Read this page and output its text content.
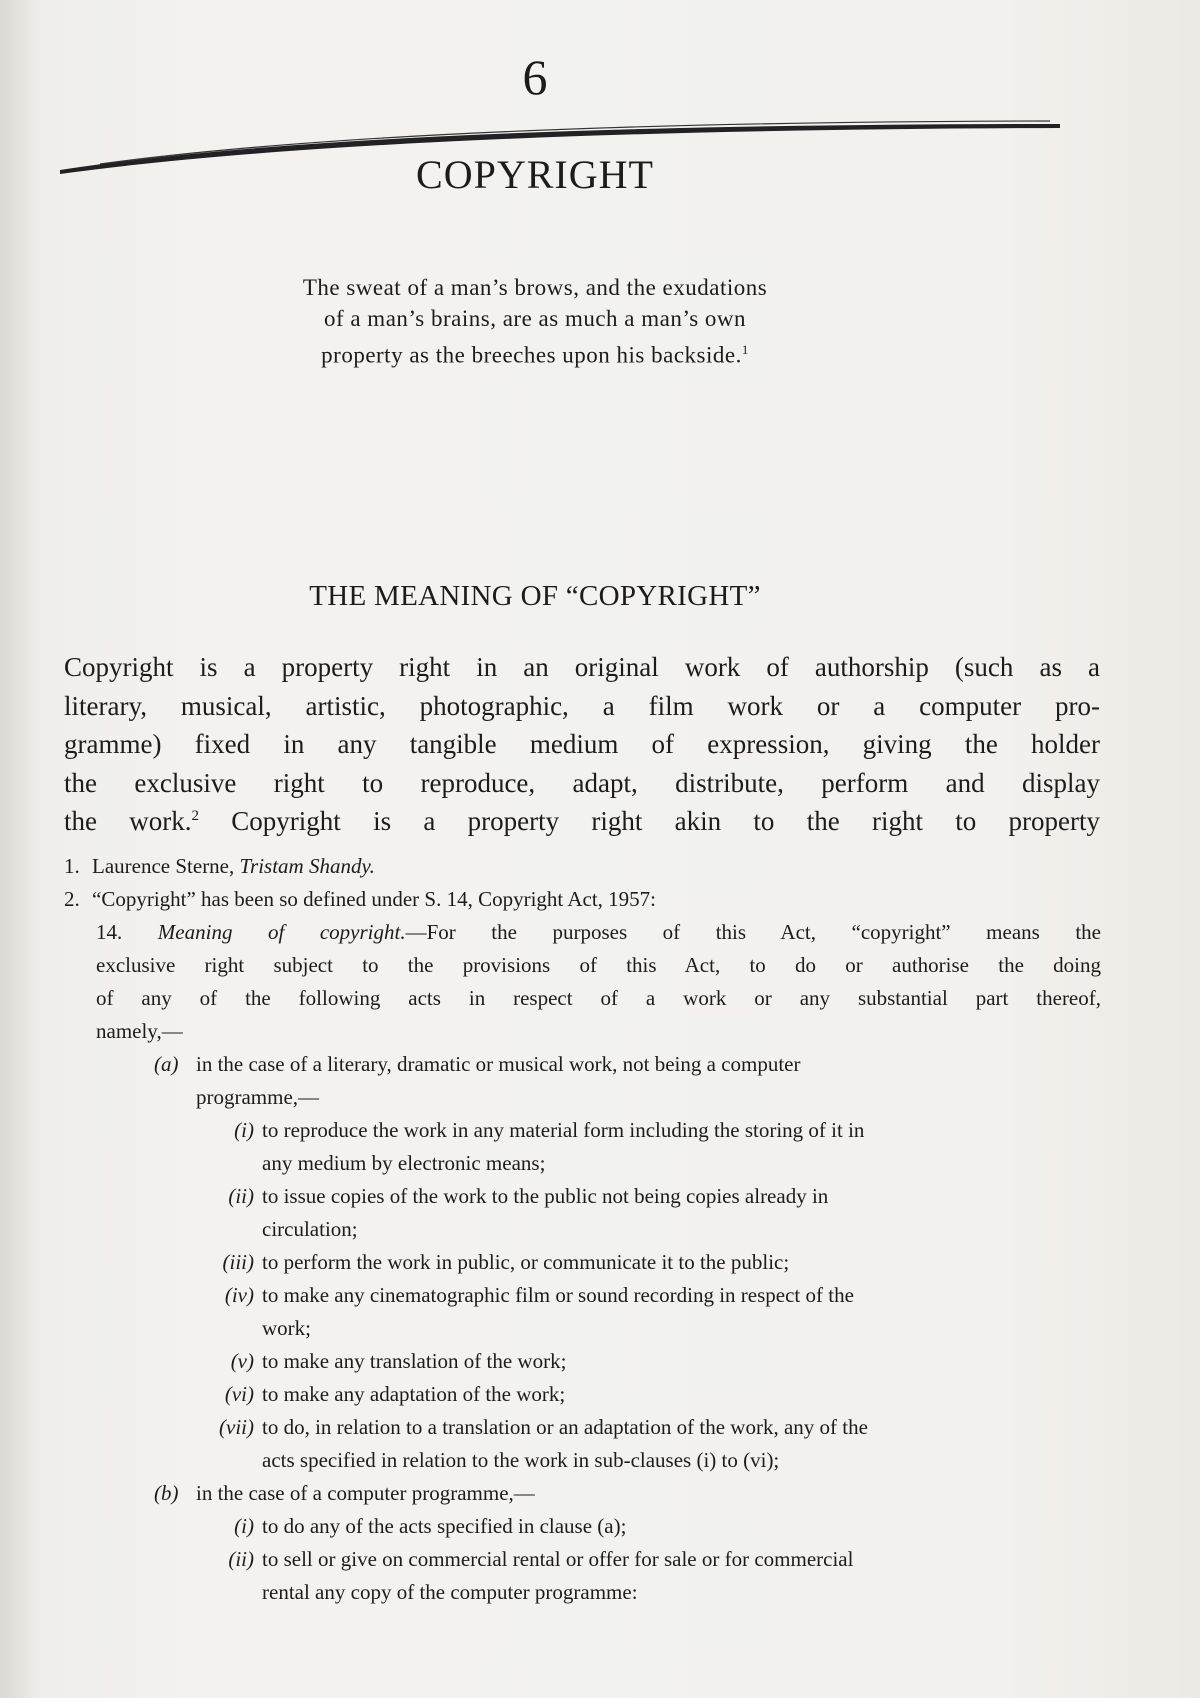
6
COPYRIGHT
The sweat of a man’s brows, and the exudations
of a man’s brains, are as much a man’s own
property as the breeches upon his backside.$^1$
THE MEANING OF “COPYRIGHT”
Copyright is a property right in an original work of authorship (such as a
literary, musical, artistic, photographic, a film work or a computer pro-
gramme) fixed in any tangible medium of expression, giving the holder
the exclusive right to reproduce, adapt, distribute, perform and display
the work.$^2$ Copyright is a property right akin to the right to property
1. Laurence Sterne, Tristam Shandy.
2. “Copyright” has been so defined under S. 14, Copyright Act, 1957:
14. Meaning of copyright.—For the purposes of this Act, “copyright” means the
exclusive right subject to the provisions of this Act, to do or authorise the doing
of any of the following acts in respect of a work or any substantial part thereof,
namely,—
(a) in the case of a literary, dramatic or musical work, not being a computer
programme,—
(i) to reproduce the work in any material form including the storing of it in
any medium by electronic means;
(ii) to issue copies of the work to the public not being copies already in
circulation;
(iii) to perform the work in public, or communicate it to the public;
(iv) to make any cinematographic film or sound recording in respect of the
work;
(v) to make any translation of the work;
(vi) to make any adaptation of the work;
(vii) to do, in relation to a translation or an adaptation of the work, any of the
acts specified in relation to the work in sub-clauses (i) to (vi);
(b) in the case of a computer programme,—
(i) to do any of the acts specified in clause (a);
(ii) to sell or give on commercial rental or offer for sale or for commercial
rental any copy of the computer programme:
